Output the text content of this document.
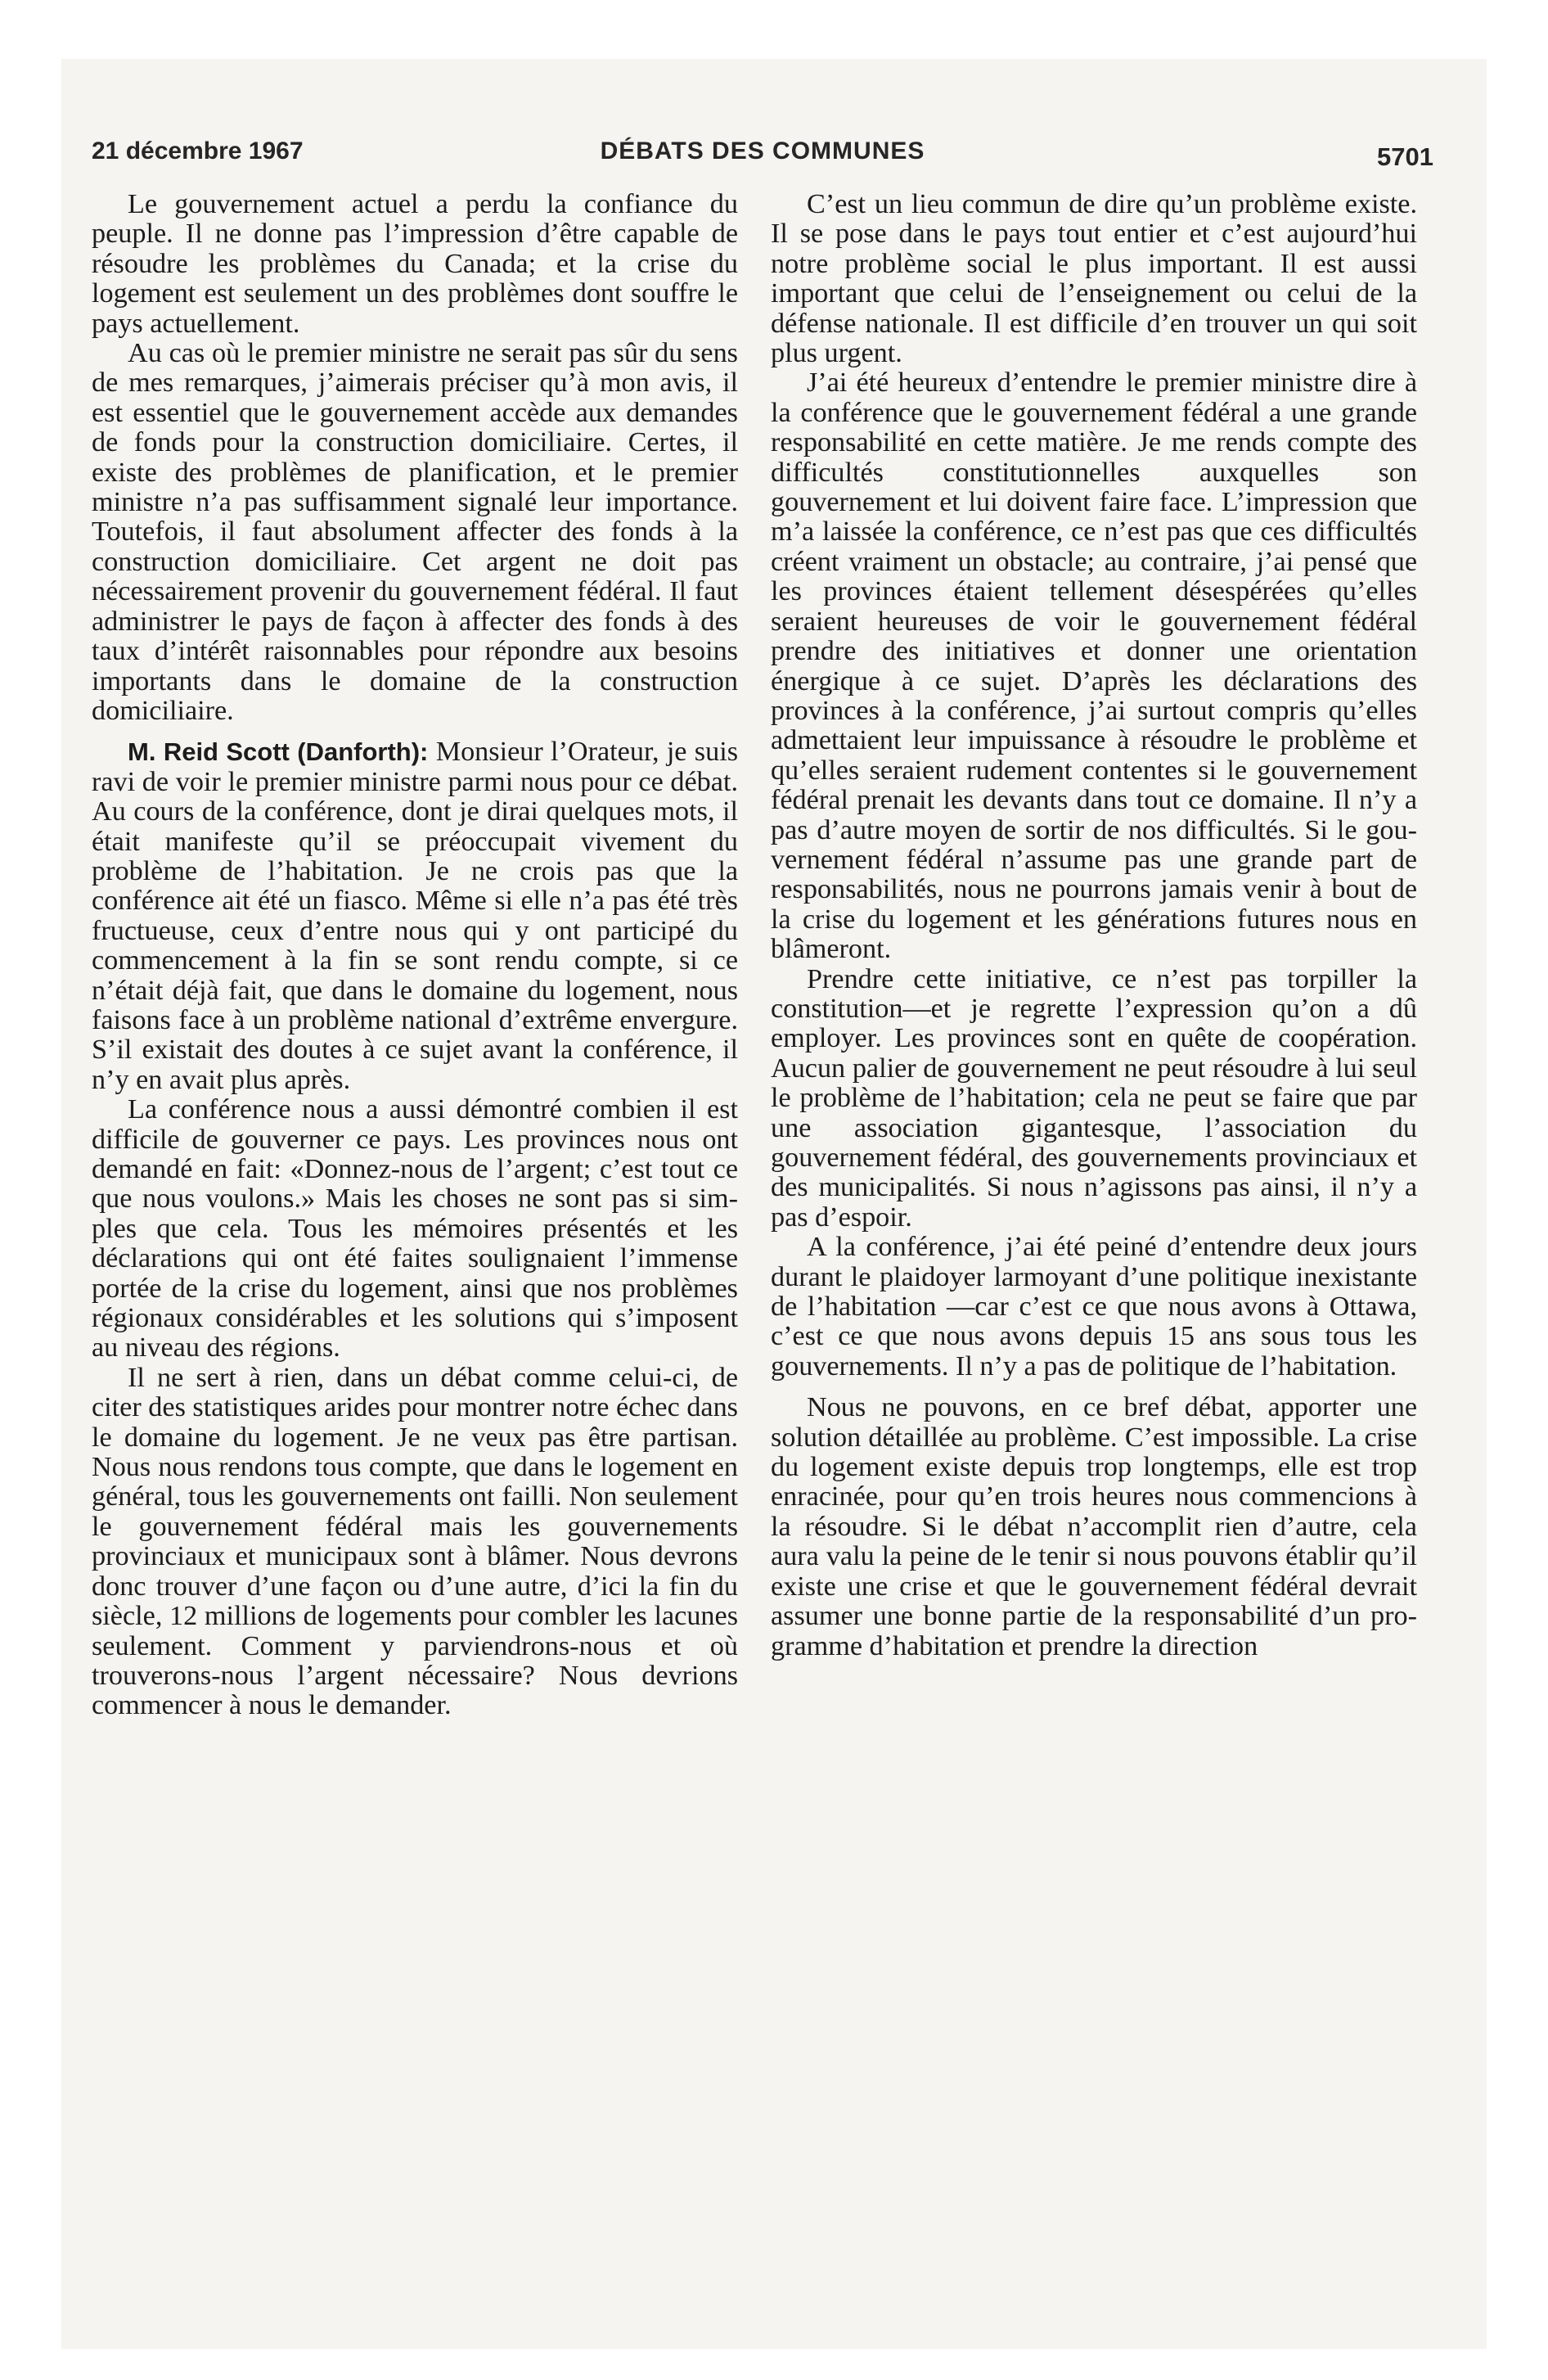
21 décembre 1967	DÉBATS DES COMMUNES	5701

Le gouvernement actuel a perdu la confiance du peuple. Il ne donne pas l’impression d’être capable de résoudre les problèmes du Canada; et la crise du logement est seulement un des problèmes dont souffre le pays actuellement.

Au cas où le premier ministre ne serait pas sûr du sens de mes remarques, j’aimerais préciser qu’à mon avis, il est essentiel que le gouvernement accède aux demandes de fonds pour la construction domiciliaire. Certes, il existe des problèmes de planification, et le premier ministre n’a pas suffisamment signalé leur importance. Toutefois, il faut absolument affecter des fonds à la construction domiciliaire. Cet argent ne doit pas nécessairement provenir du gouvernement fédéral. Il faut administrer le pays de façon à affecter des fonds à des taux d’intérêt raisonnables pour répondre aux besoins importants dans le domaine de la construction domiciliaire.

M. Reid Scott (Danforth): Monsieur l’Orateur, je suis ravi de voir le premier ministre parmi nous pour ce débat. Au cours de la conférence, dont je dirai quelques mots, il était manifeste qu’il se préoccupait vivement du problème de l’habitation. Je ne crois pas que la conférence ait été un fiasco. Même si elle n’a pas été très fructueuse, ceux d’entre nous qui y ont participé du commencement à la fin se sont rendu compte, si ce n’était déjà fait, que dans le domaine du logement, nous faisons face à un problème national d’extrême envergure. S’il existait des doutes à ce sujet avant la conférence, il n’y en avait plus après.

La conférence nous a aussi démontré combien il est difficile de gouverner ce pays. Les provinces nous ont demandé en fait: «Donnez-nous de l’argent; c’est tout ce que nous voulons.» Mais les choses ne sont pas si simples que cela. Tous les mémoires présentés et les déclarations qui ont été faites soulignaient l’immense portée de la crise du logement, ainsi que nos problèmes régionaux considérables et les solutions qui s’imposent au niveau des régions.

Il ne sert à rien, dans un débat comme celui-ci, de citer des statistiques arides pour montrer notre échec dans le domaine du logement. Je ne veux pas être partisan. Nous nous rendons tous compte, que dans le logement en général, tous les gouvernements ont failli. Non seulement le gouvernement fédéral mais les gouvernements provinciaux et municipaux sont à blâmer. Nous devrons donc trouver d’une façon ou d’une autre, d’ici la fin du siècle, 12 millions de logements pour combler les lacunes seulement. Comment y parviendrons-nous et où trouverons-nous l’argent nécessaire? Nous devrions commencer à nous le demander.

C’est un lieu commun de dire qu’un problème existe. Il se pose dans le pays tout entier et c’est aujourd’hui notre problème social le plus important. Il est aussi important que celui de l’enseignement ou celui de la défense nationale. Il est difficile d’en trouver un qui soit plus urgent.

J’ai été heureux d’entendre le premier ministre dire à la conférence que le gouvernement fédéral a une grande responsabilité en cette matière. Je me rends compte des difficultés constitutionnelles auxquelles son gouvernement et lui doivent faire face. L’impression que m’a laissée la conférence, ce n’est pas que ces difficultés créent vraiment un obstacle; au contraire, j’ai pensé que les provinces étaient tellement désespérées qu’elles seraient heureuses de voir le gouvernement fédéral prendre des initiatives et donner une orientation énergique à ce sujet. D’après les déclarations des provinces à la conférence, j’ai surtout compris qu’elles admettaient leur impuissance à résoudre le problème et qu’elles seraient rudement contentes si le gouvernement fédéral prenait les devants dans tout ce domaine. Il n’y a pas d’autre moyen de sortir de nos difficultés. Si le gouvernement fédéral n’assume pas une grande part de responsabilités, nous ne pourrons jamais venir à bout de la crise du logement et les générations futures nous en blâmeront.

Prendre cette initiative, ce n’est pas torpiller la constitution—et je regrette l’expression qu’on a dû employer. Les provinces sont en quête de coopération. Aucun palier de gouvernement ne peut résoudre à lui seul le problème de l’habitation; cela ne peut se faire que par une association gigantesque, l’association du gouvernement fédéral, des gouvernements provinciaux et des municipalités. Si nous n’agissons pas ainsi, il n’y a pas d’espoir.

A la conférence, j’ai été peiné d’entendre deux jours durant le plaidoyer larmoyant d’une politique inexistante de l’habitation —car c’est ce que nous avons à Ottawa, c’est ce que nous avons depuis 15 ans sous tous les gouvernements. Il n’y a pas de politique de l’habitation.

Nous ne pouvons, en ce bref débat, apporter une solution détaillée au problème. C’est impossible. La crise du logement existe depuis trop longtemps, elle est trop enracinée, pour qu’en trois heures nous commencions à la résoudre. Si le débat n’accomplit rien d’autre, cela aura valu la peine de le tenir si nous pouvons établir qu’il existe une crise et que le gouvernement fédéral devrait assumer une bonne partie de la responsabilité d’un programme d’habitation et prendre la direction
